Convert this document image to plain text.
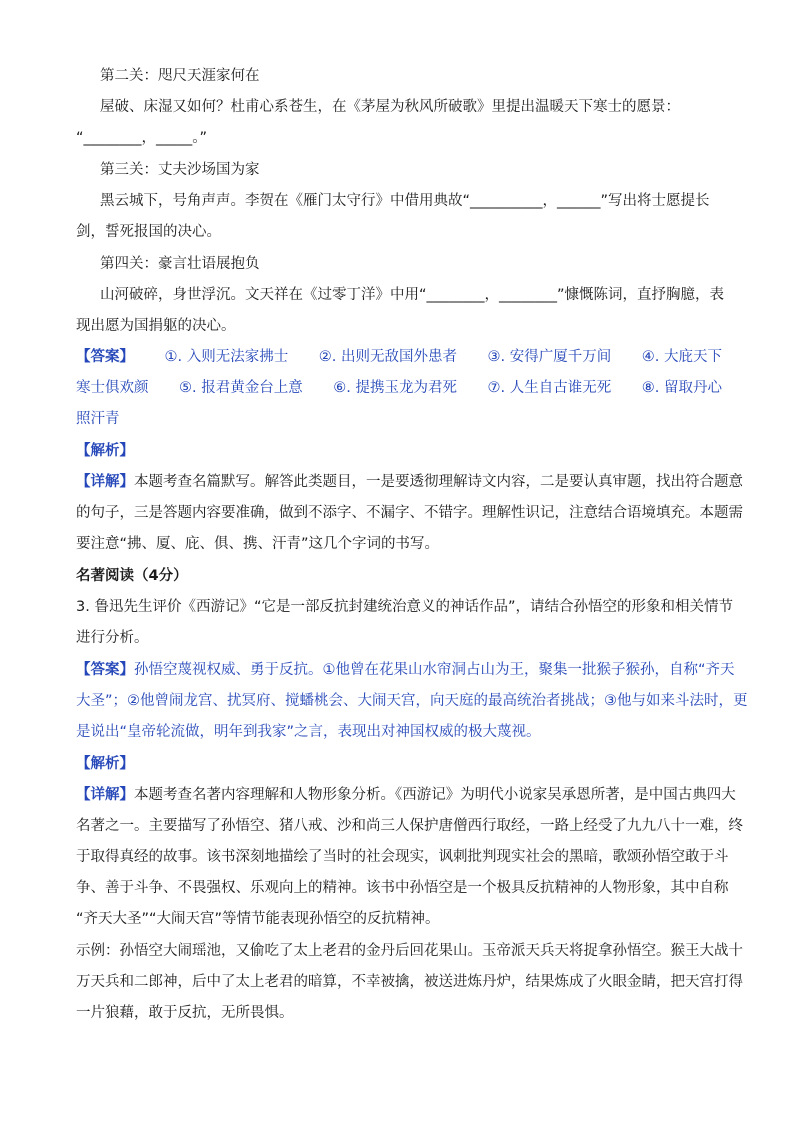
第二关：咫尺天涯家何在
屋破、床湿又如何？杜甫心系苍生，在《茅屋为秋风所破歌》里提出温暖天下寒士的愿景：
“________，_____。”
第三关：丈夫沙场国为家
黑云城下，号角声声。李贺在《雁门太守行》中借用典故“__________，______”写出将士愿提长
剑，誓死报国的决心。
第四关：豪言壮语展抱负
山河破碎，身世浮沉。文天祥在《过零丁洋》中用“________，________”慷慨陈词，直抒胸臆，表
现出愿为国捐躯的决心。
【答案】 ①. 入则无法家拂士 ②. 出则无敌国外患者 ③. 安得广厦千万间 ④. 大庇天下
寒士俱欢颜 ⑤. 报君黄金台上意 ⑥. 提携玉龙为君死 ⑦. 人生自古谁无死 ⑧. 留取丹心
照汗青
【解析】
【详解】本题考查名篇默写。解答此类题目，一是要透彻理解诗文内容，二是要认真审题，找出符合题意
的句子，三是答题内容要准确，做到不添字、不漏字、不错字。理解性识记，注意结合语境填充。本题需
要注意“拂、厦、庇、俱、携、汗青”这几个字词的书写。
名著阅读（4分）
3. 鲁迅先生评价《西游记》“它是一部反抗封建统治意义的神话作品”，请结合孙悟空的形象和相关情节
进行分析。
【答案】孙悟空蔑视权威、勇于反抗。①他曾在花果山水帘洞占山为王，聚集一批猴子猴孙，自称“齐天
大圣”；②他曾闹龙宫、扰冥府、搅蟠桃会、大闹天宫，向天庭的最高统治者挑战；③他与如来斗法时，更
是说出“皇帝轮流做，明年到我家”之言，表现出对神国权威的极大蔑视。
【解析】
【详解】本题考查名著内容理解和人物形象分析。《西游记》为明代小说家吴承恩所著，是中国古典四大
名著之一。主要描写了孙悟空、猪八戒、沙和尚三人保护唐僧西行取经，一路上经受了九九八十一难，终
于取得真经的故事。该书深刻地描绘了当时的社会现实，讽刺批判现实社会的黑暗，歌颂孙悟空敢于斗
争、善于斗争、不畏强权、乐观向上的精神。该书中孙悟空是一个极具反抗精神的人物形象，其中自称
“齐天大圣”“大闹天宫”等情节能表现孙悟空的反抗精神。
示例：孙悟空大闹瑶池，又偷吃了太上老君的金丹后回花果山。玉帝派天兵天将捉拿孙悟空。猴王大战十
万天兵和二郎神，后中了太上老君的暗算，不幸被擒，被送进炼丹炉，结果炼成了火眼金睛，把天宫打得
一片狼藉，敢于反抗，无所畏惧。
